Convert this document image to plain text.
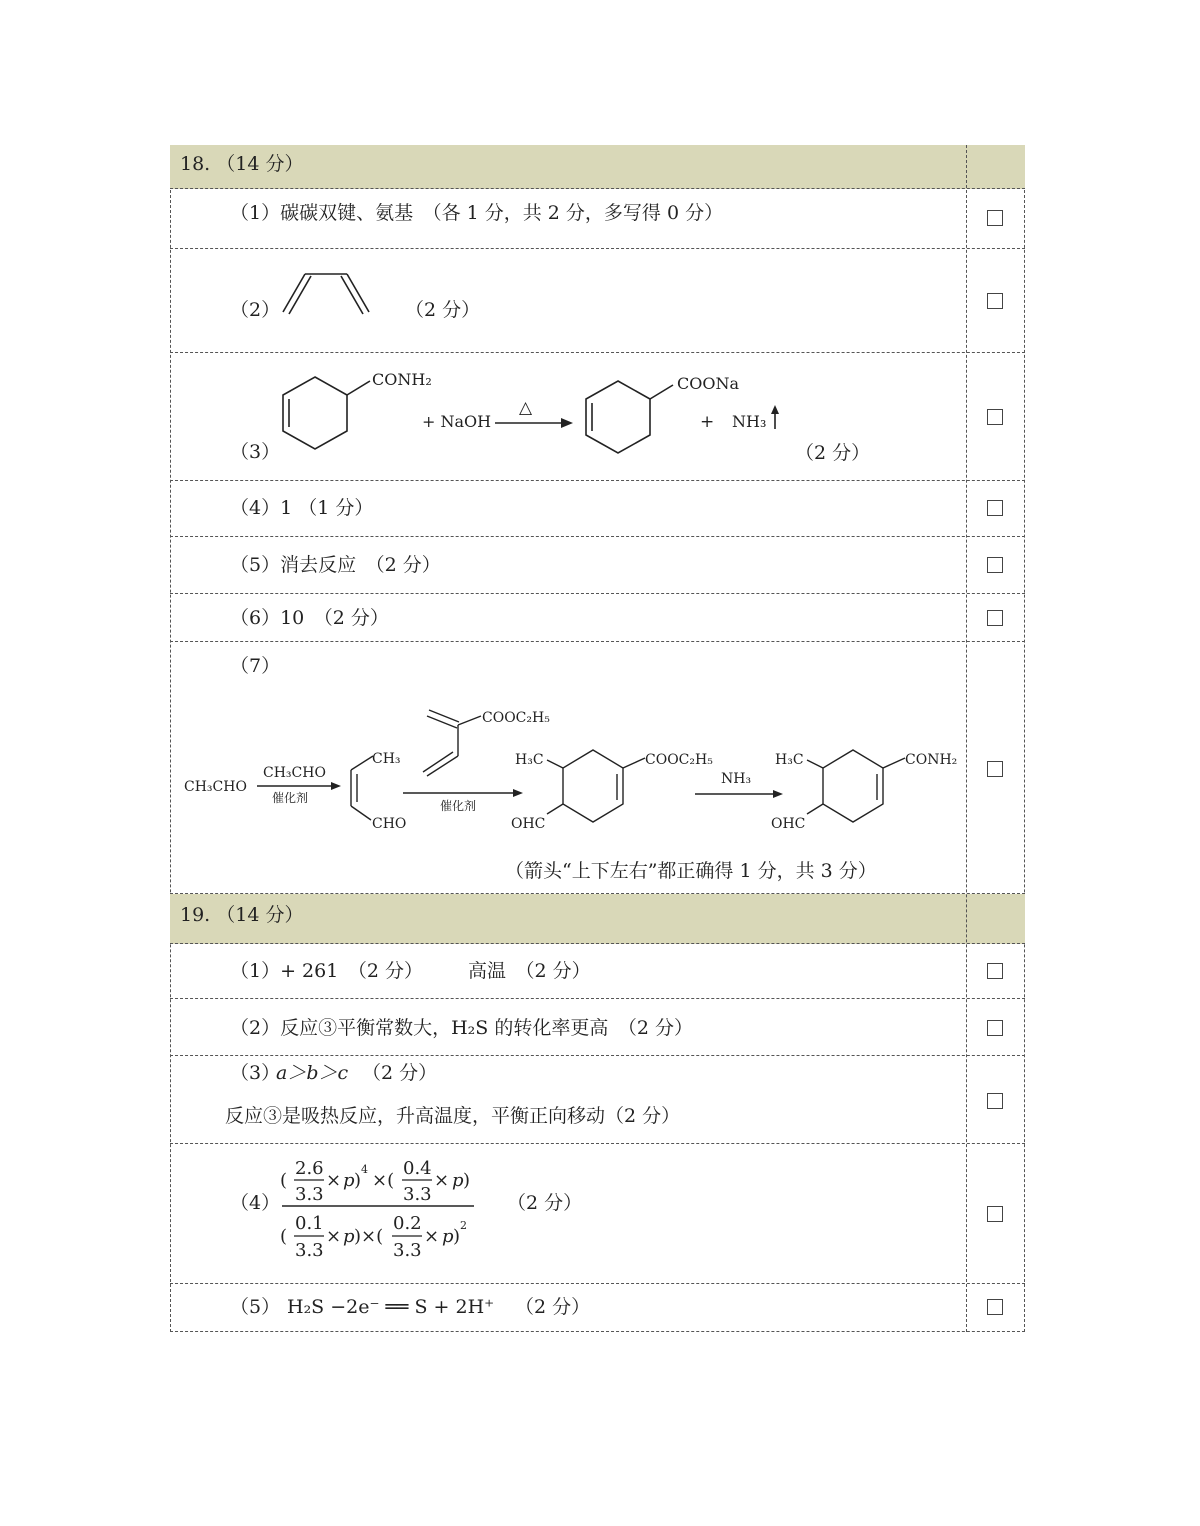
18. （14 分）
（1）碳碳双键、氨基　（各 1 分，共 2 分，多写得 0 分）
（2）	（2 分）
（3）
CONH₂
+ NaOH
△
COONa
+ NH₃
（2 分）
（4）1 （1 分）
（5）消去反应　（2 分）
（6）10　（2 分）
（7）
CH₃CHO
CH₃CHO
催化剂
CH₃
CHO
COOC₂H₅
催化剂
H₃C	COOC₂H₅
OHC
NH₃
H₃C	CONH₂
OHC
（箭头“上下左右”都正确得 1 分，共 3 分）
19. （14 分）
（1）+ 261　（2 分） 高温　（2 分）
（2）反应③平衡常数大，H₂S 的转化率更高　（2 分）
（3）
a＞b＞c （2 分）
反应③是吸热反应，升高温度，平衡正向移动（2 分）
（4）
(
2.6
3.3
× p )
4
×(
0.4
3.3
× p )
(
0.1
3.3
× p )×(
0.2
3.3
× p )
2
（2 分）
（5） H₂S −2e⁻ ══ S + 2H⁺ （2 分）
